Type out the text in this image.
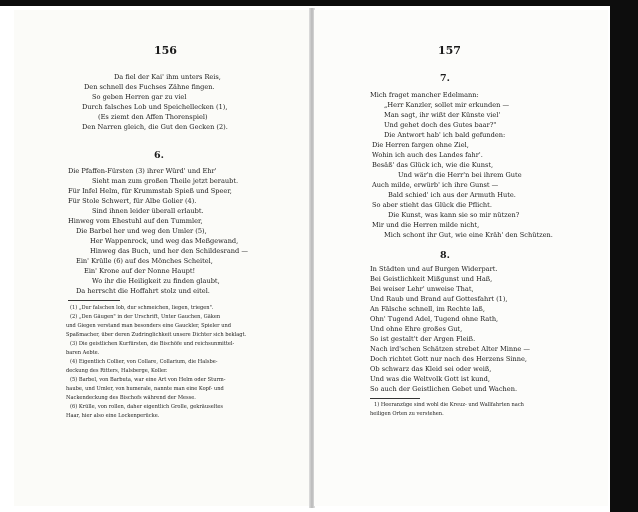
156
Da fiel der Kai' ihm unters Reis,
Den schnell des Fuchses Zähne fingen.
So geben Herren gar zu viel
Durch falsches Lob und Speichellecken (1),
(Es ziemt den Affen Thorenspiel)
Den Narren gleich, die Gut den Gecken (2).
6.
Die Pfaffen-Fürsten (3) ihrer Würd' und Ehr'
Sieht man zum großen Theile jetzt beraubt.
Für Infel Helm, für Krummstab Spieß und Speer,
Für Stole Schwert, für Albe Golier (4).
Sind ihnen leider überall erlaubt.
Hinweg vom Ehestuhl auf den Tummler,
Die Barbel her und weg den Umler (5),
Her Wappenrock, und weg das Meßgewand,
Hinweg das Buch, und her den Schildesrand —
Ein' Krülle (6) auf des Mönches Scheitel,
Ein' Krone auf der Nonne Haupt!
Wo ihr die Heiligkeit zu finden glaubt,
Da herrscht die Hoffahrt stolz und eitel.
(1) „Dur falschen lob, dur schmeichen, liegen, triegen".
(2) „Den Gäugen" in der Urschrift, Unter Gauchen, Gäken
und Giegen verstand man besonders eine Gauckler, Spieler und
Spaßmacher, über deren Zudringlichkeit unsere Dichter sich beklagt.
(3) Die geistlichen Kurfürsten, die Bischöfe und reichsunmittel-
baren Aebte.
(4) Eigentlich Collier, von Collare, Collarium, die Halsbe-
deckung des Ritters, Halsberge, Koller.
(5) Barbel, von Barbuta, war eine Art von Helm oder Sturm-
haube, und Umler, von humerale, nannte man eine Kopf- und
Nackendeckung des Bischofs während der Messe.
(6) Krülle, von rollen, daher eigentlich Grolle, gekräuseltes
Haar, hier also eine Lockenperücke.
157
7.
Mich fraget mancher Edelmann:
„Herr Kanzler, sollet mir erkunden —
Man sagt, ihr wißt der Künste viel'
Und gehet doch des Gutes baar?"
Die Antwort hab' ich bald gefunden:
Die Herren fargen ohne Ziel,
Wohin ich auch des Landes fahr'.
Besäß' das Glück ich, wie die Kunst,
Und wär'n die Herr'n bei ihrem Gute
Auch milde, erwürb' ich ihre Gunst —
Bald schied' ich aus der Armuth Hute.
So aber stieht das Glück die Pflicht.
Die Kunst, was kann sie so mir nützen?
Mir und die Herren milde nicht,
Mich schont ihr Gut, wie eine Kräh' den Schützen.
8.
In Städten und auf Burgen Widerpart.
Bei Geistlichkeit Mißgunst und Haß,
Bei weiser Lehr' unweise That,
Und Raub und Brand auf Gottesfahrt (1),
An Fälsche schnell, im Rechte laß,
Ohn' Tugend Adel, Tugend ohne Rath,
Und ohne Ehre großes Gut,
So ist gestalt't der Argen Fleiß.
Nach ird'schen Schätzen strebet Alter Minne —
Doch richtet Gott nur nach des Herzens Sinne,
Ob schwarz das Kleid sei oder weiß,
Und was die Weltvolk Gott ist kund,
So auch der Geistlichen Gebet und Wachen.
1) Heeranzüge sind wohl die Kreuz- und Wallfahrten nach
heiligen Orten zu verstehen.
